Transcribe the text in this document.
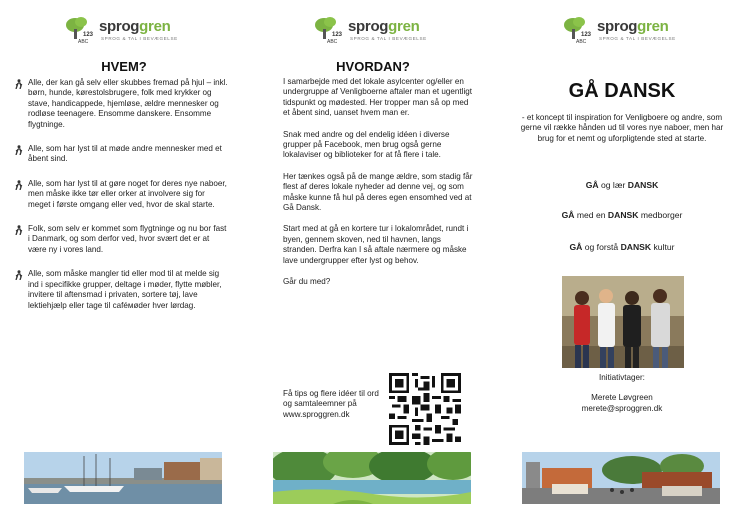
123
ABC
sproggren
SPROG & TAL I BEVÆGELSE
HVEM?
Alle, der kan gå selv eller skubbes fremad på hjul – inkl. børn, hunde, kørestolsbrugere, folk med krykker og stave, handicappede, hjemløse, ældre mennesker og rodløse teenagere. Ensomme danskere. Ensomme flygtninge.
Alle, som har lyst til at møde andre mennesker med et åbent sind.
Alle, som har lyst til at gøre noget for deres nye naboer, men måske ikke tør eller orker at involvere sig for meget i første omgang eller ved, hvor de skal starte.
Folk, som selv er kommet som flygtninge og nu bor fast i Danmark, og som derfor ved, hvor svært det er at være ny i vores land.
Alle, som måske mangler tid eller mod til at melde sig ind i specifikke grupper, deltage i møder, flytte møbler, invitere til aftensmad i privaten, sortere tøj, lave lektiehjælp eller tage til caféмøder hver lørdag.
123
ABC
sproggren
SPROG & TAL I BEVÆGELSE
HVORDAN?

I samarbejde med det lokale asylcenter og/eller en undergruppe af Venligboerne aftaler man et ugentligt tidspunkt og mødested. Her tropper man så op med et åbent sind, uanset hvem man er.

Snak med andre og del endelig idéen i diverse grupper på Facebook, men brug også gerne lokalaviser og biblioteker for at få flere i tale.

Her tænkes også på de mange ældre, som stadig får flest af deres lokale nyheder ad denne vej, og som måske kunne få hul på deres egen ensomhed ved at Gå Dansk.

Start med at gå en kortere tur i lokalområdet, rundt i byen, gennem skoven, ned til havnen, langs stranden. Derfra kan I så aftale nærmere og måske lave undergrupper efter lyst og behov.

Går du med?

Få tips og flere idéer til ord og samtaleemner på www.sproggren.dk
123
ABC
sproggren
SPROG & TAL I BEVÆGELSE
GÅ DANSK
- et koncept til inspiration for Venligboere og andre, som gerne vil række hånden ud til vores nye naboer, men har brug for et nemt og uforpligtende sted at starte.
GÅ og lær DANSK
GÅ med en DANSK medborger
GÅ og forstå DANSK kultur
Initiativtager:
Merete Løvgreen
merete@sproggren.dk
